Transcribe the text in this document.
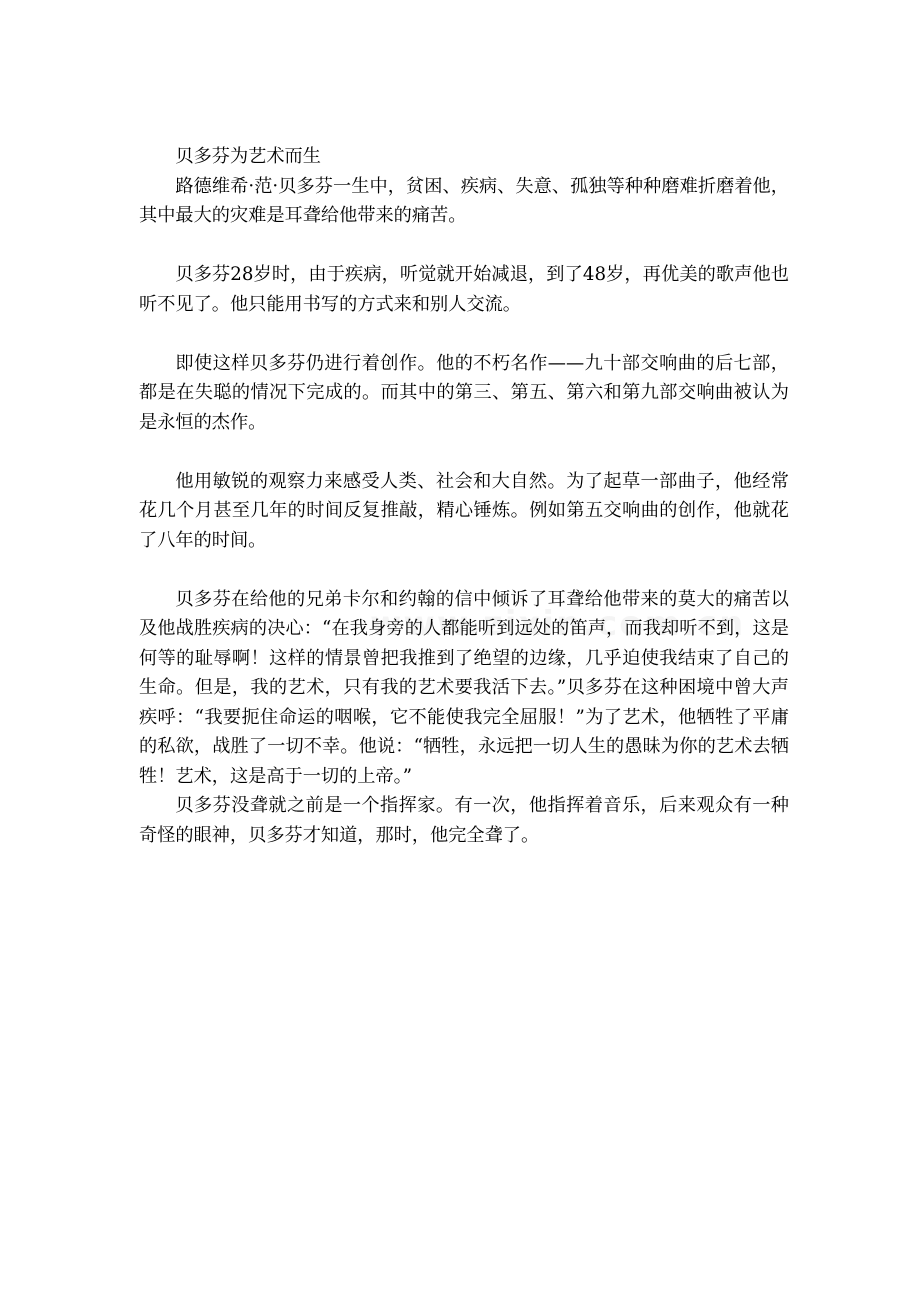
贝多芬为艺术而生

路德维希·范·贝多芬一生中，贫困、疾病、失意、孤独等种种磨难折磨着他，其中最大的灾难是耳聋给他带来的痛苦。

贝多芬28岁时，由于疾病，听觉就开始减退，到了48岁，再优美的歌声他也听不见了。他只能用书写的方式来和别人交流。

即使这样贝多芬仍进行着创作。他的不朽名作——九十部交响曲的后七部，都是在失聪的情况下完成的。而其中的第三、第五、第六和第九部交响曲被认为是永恒的杰作。

他用敏锐的观察力来感受人类、社会和大自然。为了起草一部曲子，他经常花几个月甚至几年的时间反复推敲，精心锤炼。例如第五交响曲的创作，他就花了八年的时间。

贝多芬在给他的兄弟卡尔和约翰的信中倾诉了耳聋给他带来的莫大的痛苦以及他战胜疾病的决心：“在我身旁的人都能听到远处的笛声，而我却听不到，这是何等的耻辱啊！这样的情景曾把我推到了绝望的边缘，几乎迫使我结束了自己的生命。但是，我的艺术，只有我的艺术要我活下去。”贝多芬在这种困境中曾大声疾呼：“我要扼住命运的咽喉，它不能使我完全屈服！”为了艺术，他牺牲了平庸的私欲，战胜了一切不幸。他说：“牺牲，永远把一切人生的愚昧为你的艺术去牺牲！艺术，这是高于一切的上帝。”

贝多芬没聋就之前是一个指挥家。有一次，他指挥着音乐，后来观众有一种奇怪的眼神，贝多芬才知道，那时，他完全聋了。
